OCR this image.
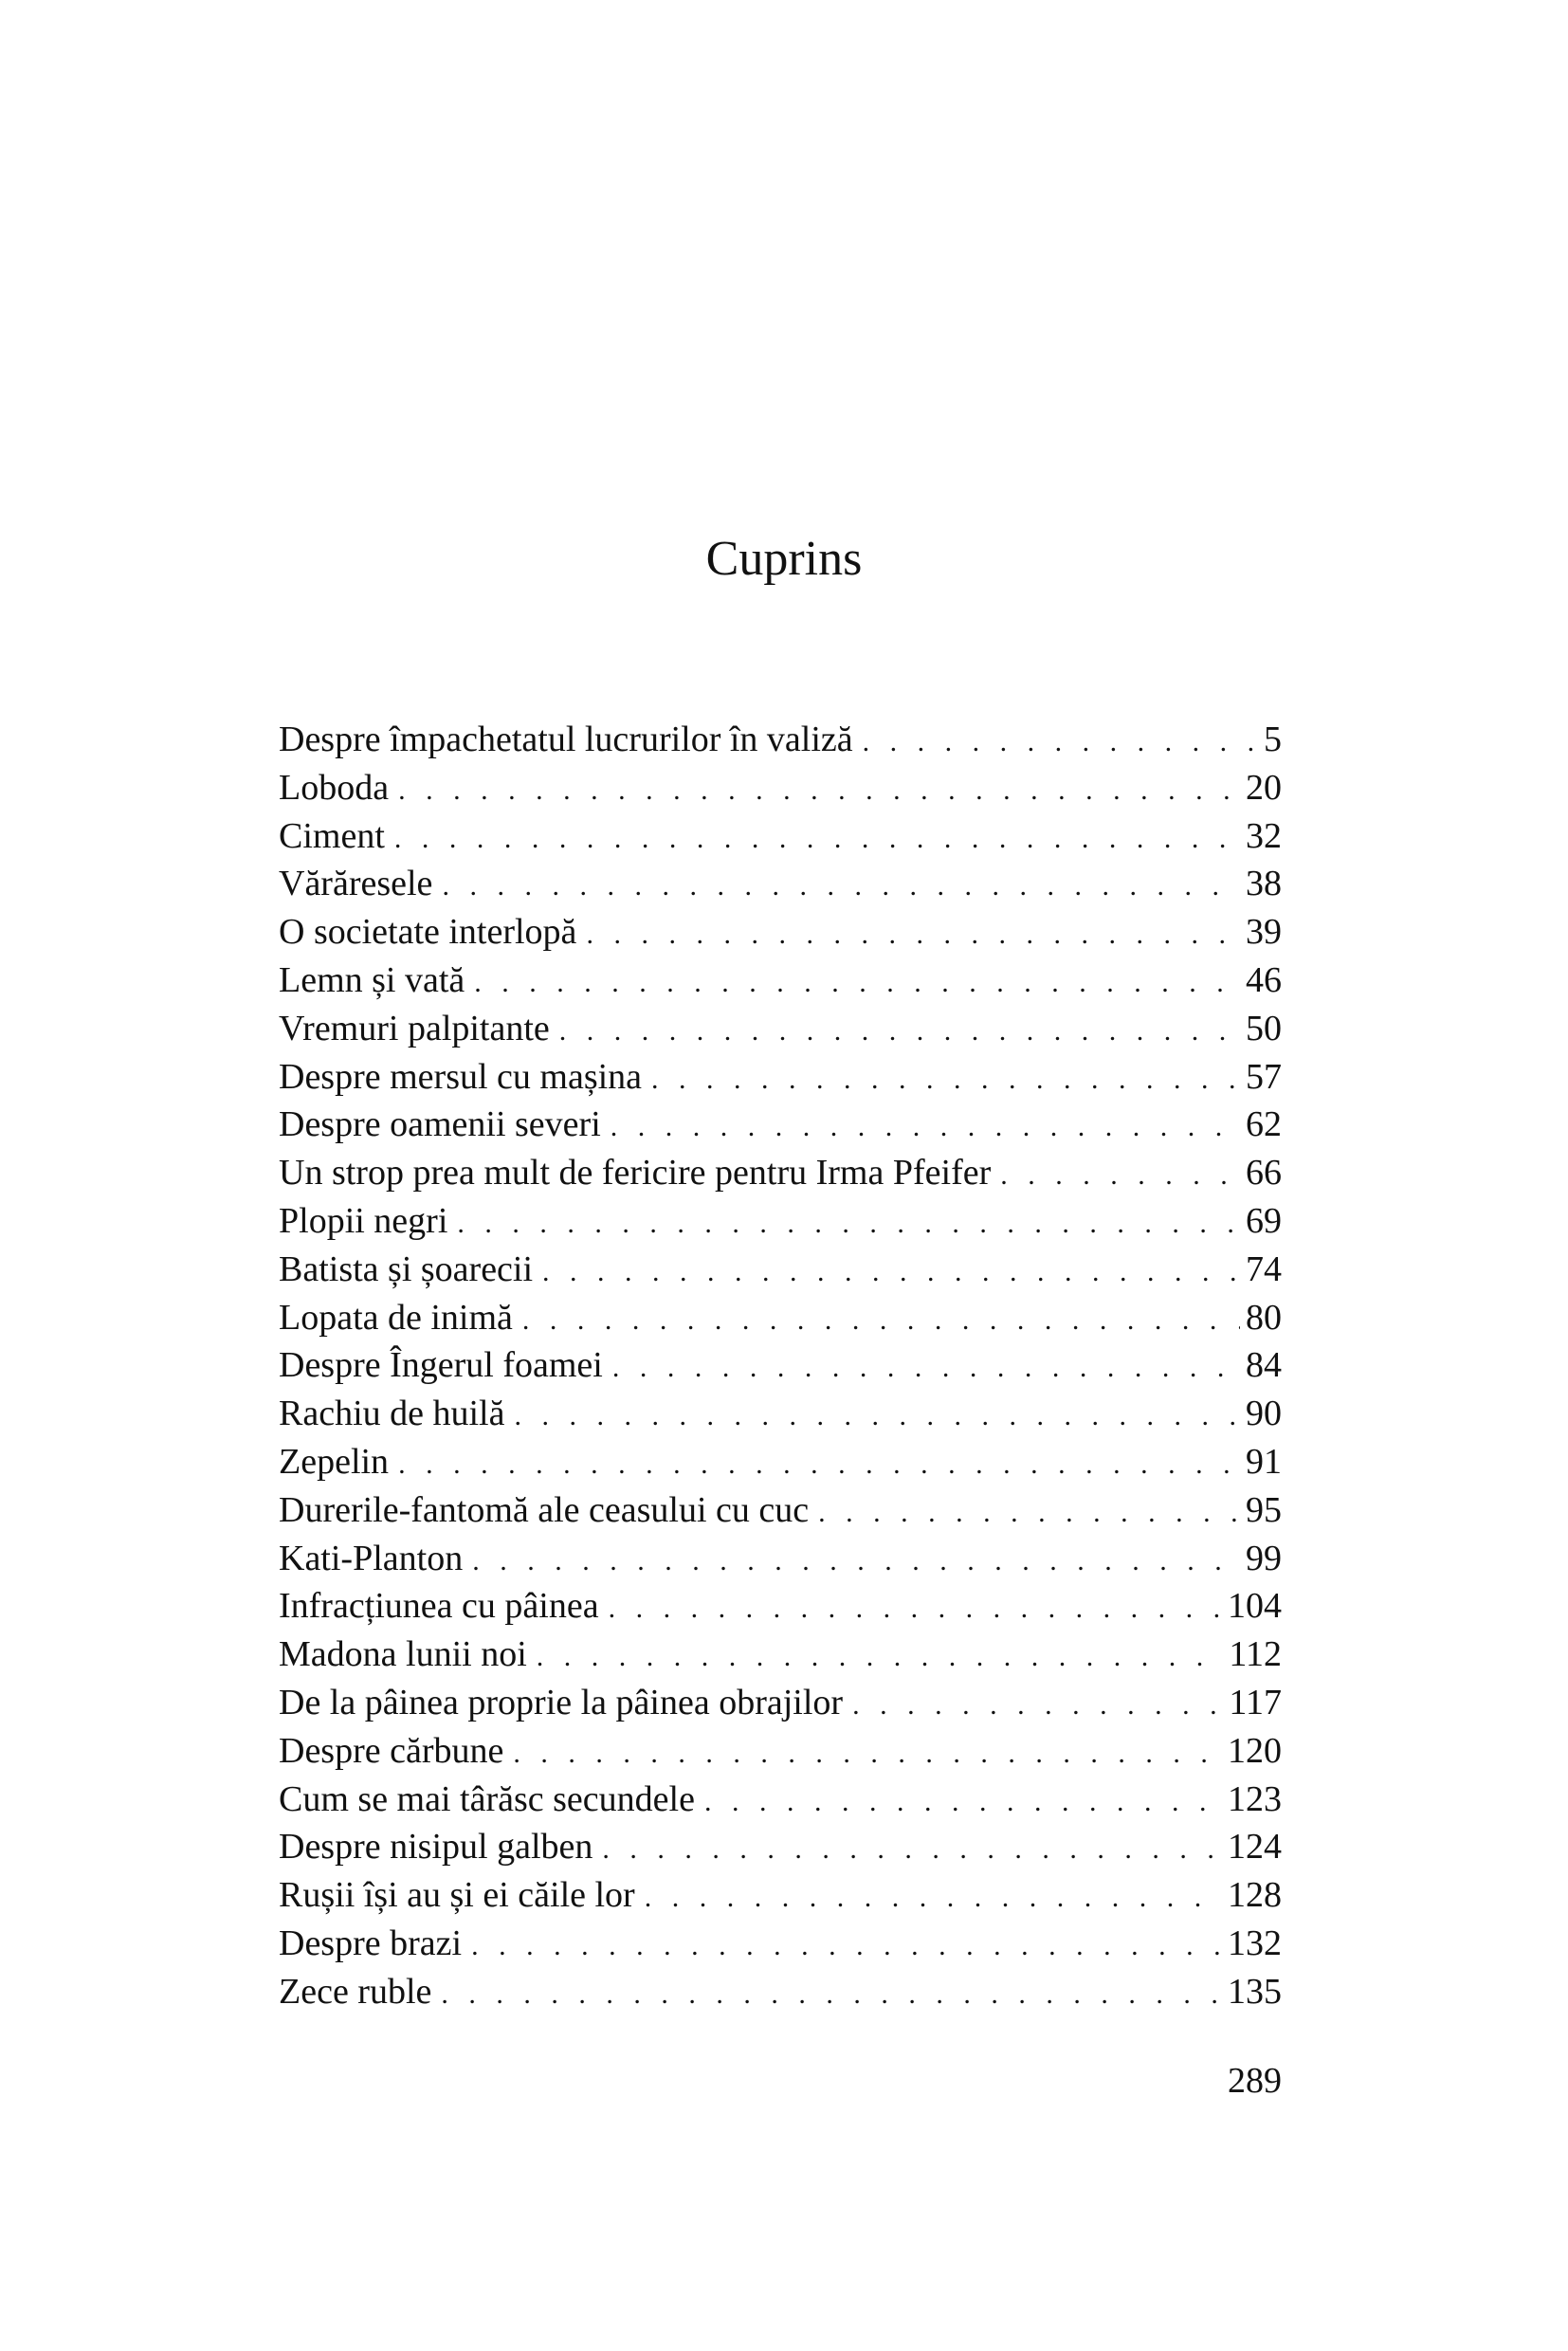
Cuprins
Despre împachetatul lucrurilor în valiză . . .	5
Loboda . . .	20
Ciment . . .	32
Vărăresele . . .	38
O societate interlopă . . .	39
Lemn și vată . . .	46
Vremuri palpitante . . .	50
Despre mersul cu mașina . . .	57
Despre oamenii severi . . .	62
Un strop prea mult de fericire pentru Irma Pfeifer . . .	66
Plopii negri . . .	69
Batista și șoarecii . . .	74
Lopata de inimă . . .	80
Despre Îngerul foamei . . .	84
Rachiu de huilă . . .	90
Zepelin . . .	91
Durerile-fantomă ale ceasului cu cuc . . .	95
Kati-Planton . . .	99
Infracțiunea cu pâinea . . .	104
Madona lunii noi . . .	112
De la pâinea proprie la pâinea obrajilor . . .	117
Despre cărbune . . .	120
Cum se mai târăsc secundele . . .	123
Despre nisipul galben . . .	124
Rușii își au și ei căile lor . . .	128
Despre brazi . . .	132
Zece ruble . . .	135
289
